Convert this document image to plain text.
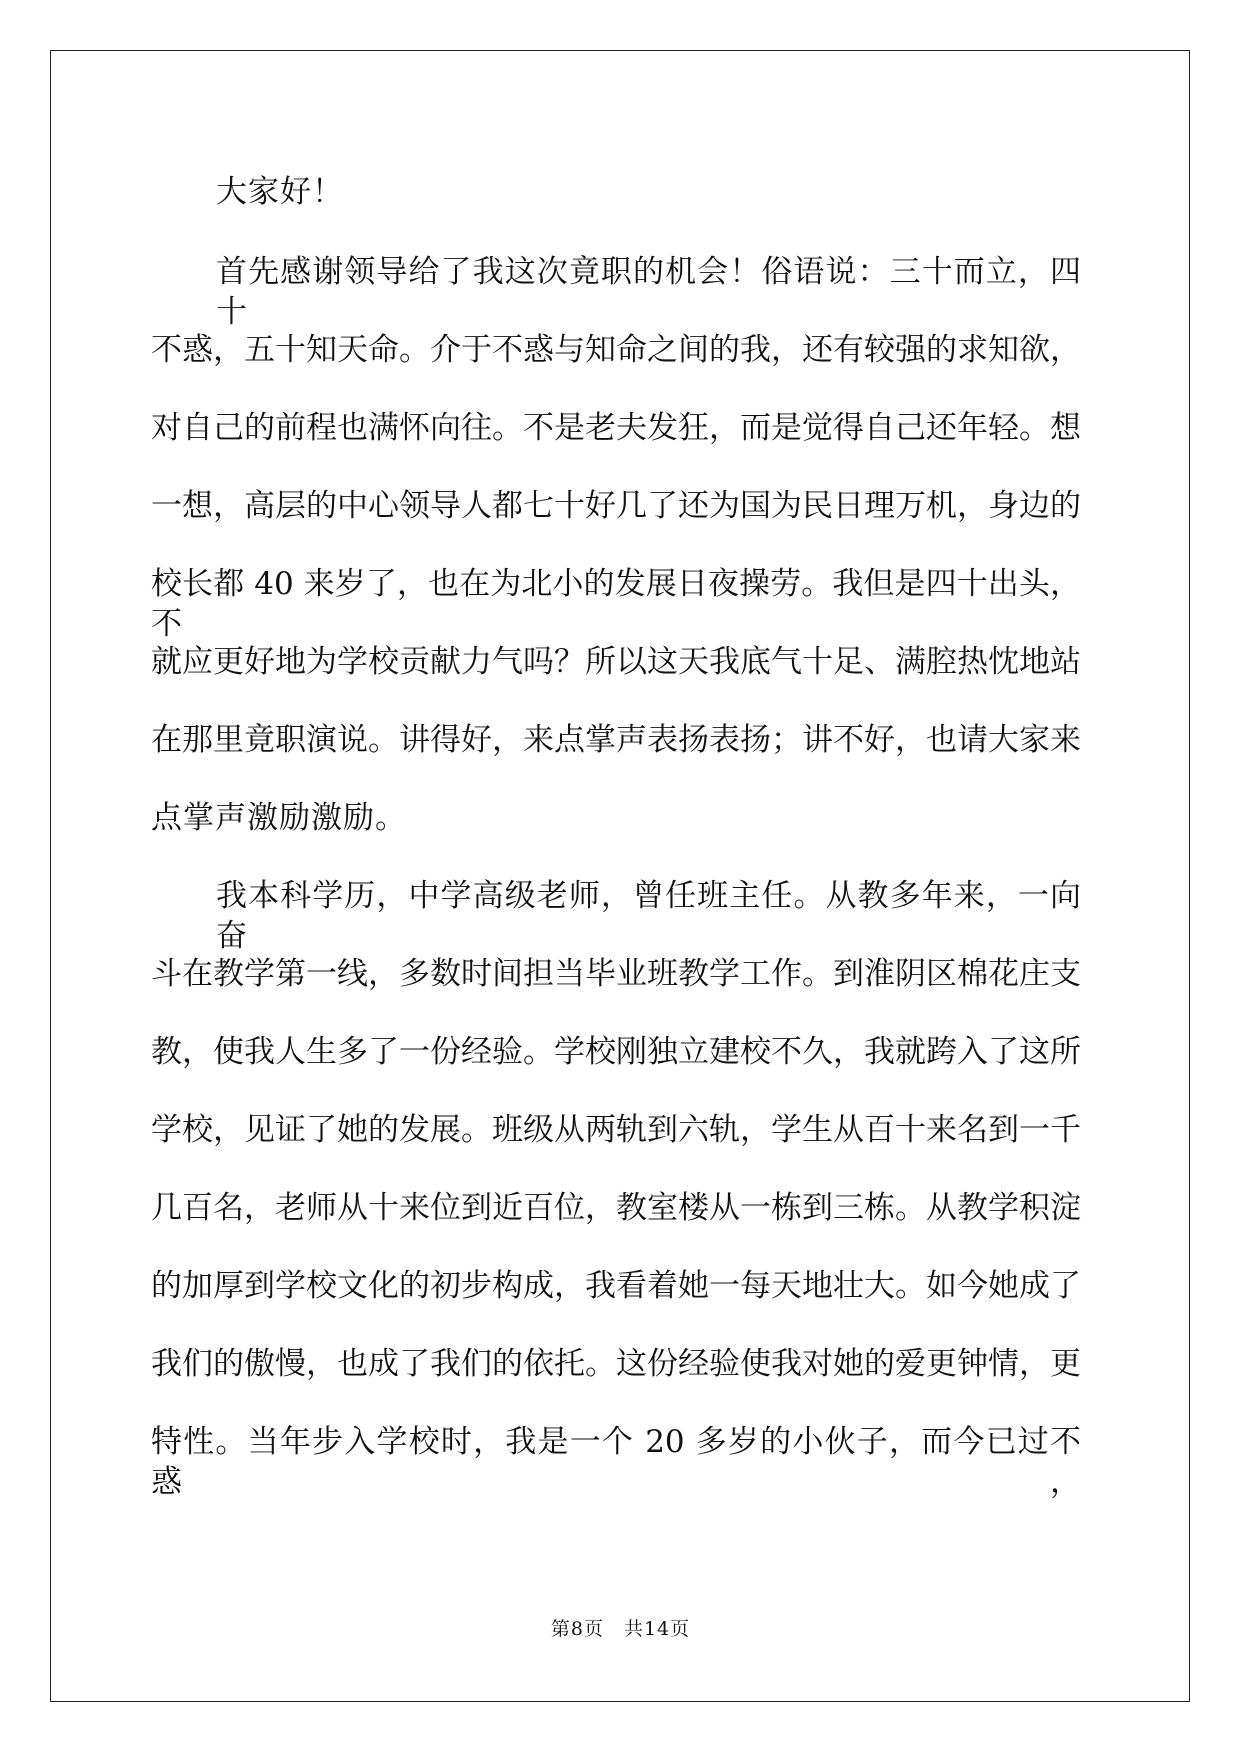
大家好！
首先感谢领导给了我这次竟职的机会！俗语说：三十而立，四十
不惑，五十知天命。介于不惑与知命之间的我，还有较强的求知欲，
对自己的前程也满怀向往。不是老夫发狂，而是觉得自己还年轻。想
一想，高层的中心领导人都七十好几了还为国为民日理万机，身边的
校长都 40 来岁了，也在为北小的发展日夜操劳。我但是四十出头，不
就应更好地为学校贡献力气吗？所以这天我底气十足、满腔热忱地站
在那里竟职演说。讲得好，来点掌声表扬表扬；讲不好，也请大家来
点掌声激励激励。
我本科学历，中学高级老师，曾任班主任。从教多年来，一向奋
斗在教学第一线，多数时间担当毕业班教学工作。到淮阴区棉花庄支
教，使我人生多了一份经验。学校刚独立建校不久，我就跨入了这所
学校，见证了她的发展。班级从两轨到六轨，学生从百十来名到一千
几百名，老师从十来位到近百位，教室楼从一栋到三栋。从教学积淀
的加厚到学校文化的初步构成，我看着她一每天地壮大。如今她成了
我们的傲慢，也成了我们的依托。这份经验使我对她的爱更钟情，更
特性。当年步入学校时，我是一个 20 多岁的小伙子，而今已过不惑，
第8页　共14页
